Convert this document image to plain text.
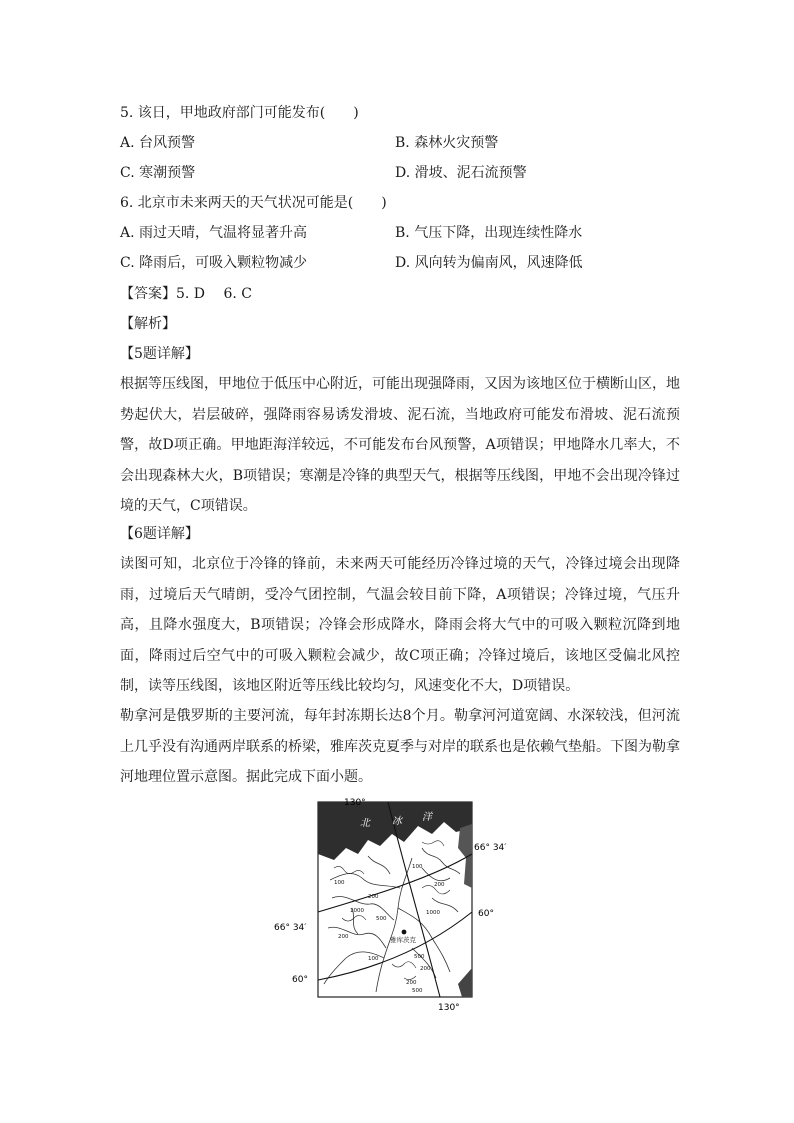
5. 该日，甲地政府部门可能发布(　　)
A. 台风预警	B. 森林火灾预警
C. 寒潮预警	D. 滑坡、泥石流预警
6. 北京市未来两天的天气状况可能是(　　)
A. 雨过天晴，气温将显著升高	B. 气压下降，出现连续性降水
C. 降雨后，可吸入颗粒物减少	D. 风向转为偏南风，风速降低
【答案】5. D　 6. C
【解析】
【5题详解】

根据等压线图，甲地位于低压中心附近，可能出现强降雨，又因为该地区位于横断山区，地势起伏大，岩层破碎，强降雨容易诱发滑坡、泥石流，当地政府可能发布滑坡、泥石流预警，故D项正确。甲地距海洋较远，不可能发布台风预警，A项错误；甲地降水几率大，不会出现森林大火，B项错误；寒潮是冷锋的典型天气，根据等压线图，甲地不会出现冷锋过境的天气，C项错误。

【6题详解】

读图可知，北京位于冷锋的锋前，未来两天可能经历冷锋过境的天气，冷锋过境会出现降雨，过境后天气晴朗，受冷气团控制，气温会较目前下降，A项错误；冷锋过境，气压升高，且降水强度大，B项错误；冷锋会形成降水，降雨会将大气中的可吸入颗粒沉降到地面，降雨过后空气中的可吸入颗粒会减少，故C项正确；冷锋过境后，该地区受偏北风控制，读等压线图，该地区附近等压线比较均匀，风速变化不大，D项错误。

勒拿河是俄罗斯的主要河流，每年封冻期长达8个月。勒拿河河道宽阔、水深较浅，但河流上几乎没有沟通两岸联系的桥梁，雅库茨克夏季与对岸的联系也是依赖气垫船。下图为勒拿河地理位置示意图。据此完成下面小题。

130°
130°
66° 34′
66° 34′
60°
60°
北 冰 洋
100
200
100
200
1000
1000
200
500
500
200
100
200
500
雅库茨克
